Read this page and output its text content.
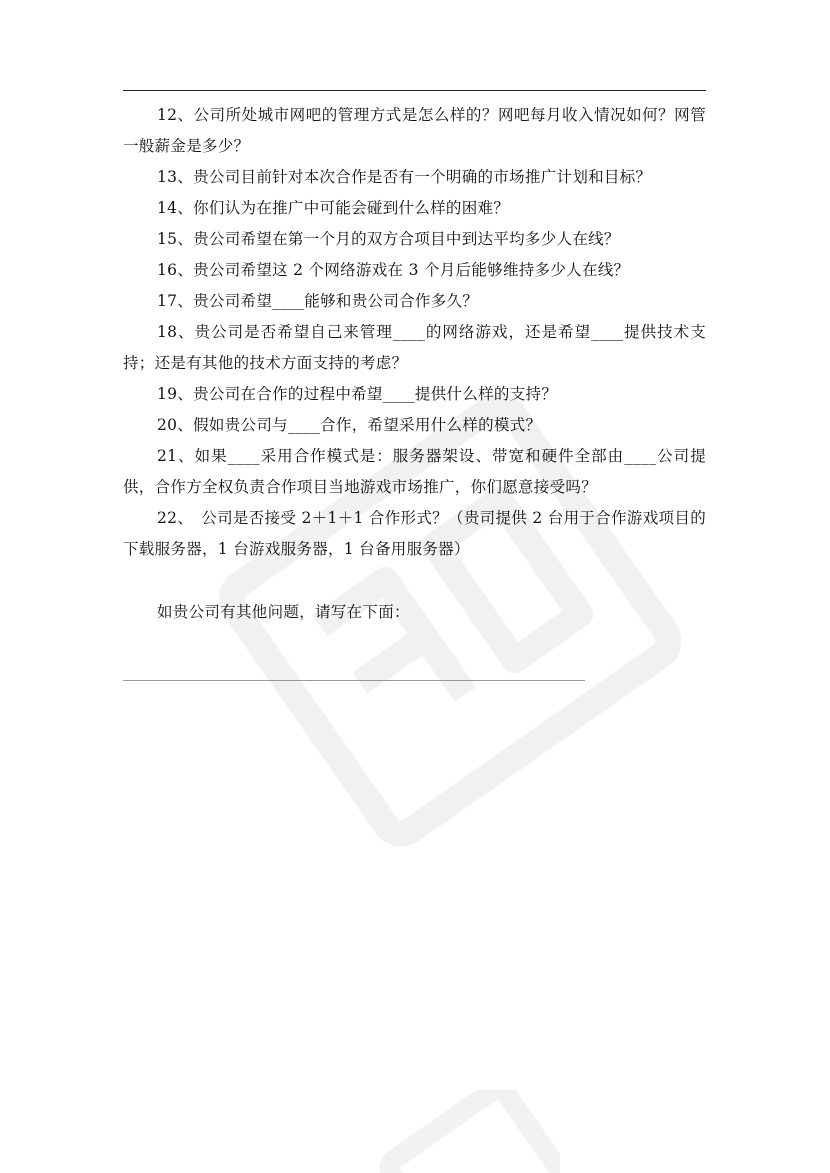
12、公司所处城市网吧的管理方式是怎么样的？网吧每月收入情况如何？网管一般薪金是多少？

13、贵公司目前针对本次合作是否有一个明确的市场推广计划和目标？

14、你们认为在推广中可能会碰到什么样的困难？

15、贵公司希望在第一个月的双方合项目中到达平均多少人在线？

16、贵公司希望这 2 个网络游戏在 3 个月后能够维持多少人在线？

17、贵公司希望____能够和贵公司合作多久？

18、贵公司是否希望自己来管理____的网络游戏，还是希望____提供技术支持；还是有其他的技术方面支持的考虑？

19、贵公司在合作的过程中希望____提供什么样的支持？

20、假如贵公司与____合作，希望采用什么样的模式？

21、如果____采用合作模式是：服务器架设、带宽和硬件全部由____公司提供，合作方全权负责合作项目当地游戏市场推广，你们愿意接受吗？

22、　公司是否接受 2＋1＋1 合作形式？（贵司提供 2 台用于合作游戏项目的下载服务器，1 台游戏服务器，1 台备用服务器）

如贵公司有其他问题，请写在下面：
